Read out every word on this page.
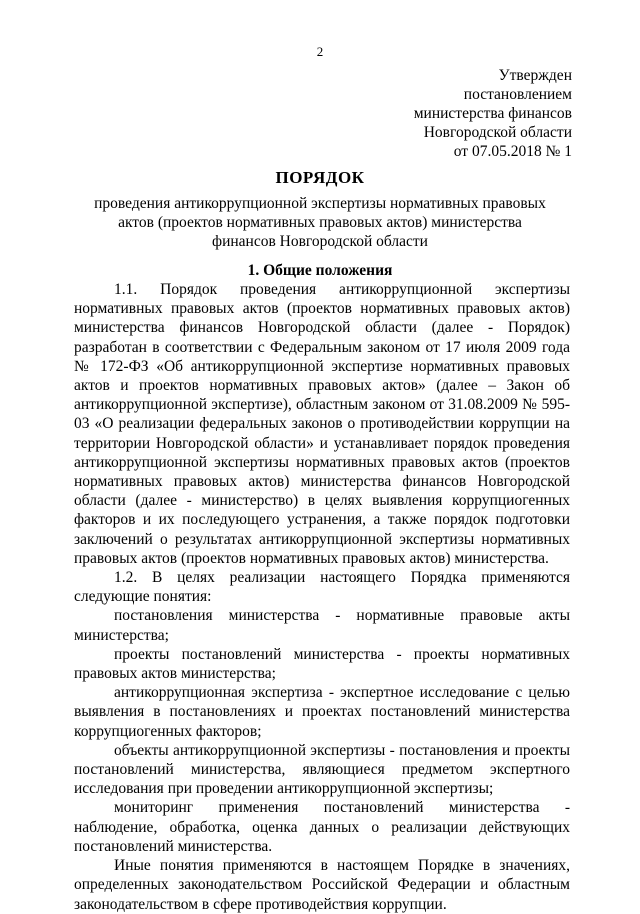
2
Утвержден
постановлением
министерства финансов
Новгородской области
от 07.05.2018 № 1
ПОРЯДОК
проведения антикоррупционной экспертизы нормативных правовых актов (проектов нормативных правовых актов) министерства финансов Новгородской области
1. Общие положения

1.1. Порядок проведения антикоррупционной экспертизы нормативных правовых актов (проектов нормативных правовых актов) министерства финансов Новгородской области (далее - Порядок) разработан в соответствии с Федеральным законом от 17 июля 2009 года № 172-ФЗ «Об антикоррупционной экспертизе нормативных правовых актов и проектов нормативных правовых актов» (далее – Закон об антикоррупционной экспертизе), областным законом от 31.08.2009 № 595-03 «О реализации федеральных законов о противодействии коррупции на территории Новгородской области» и устанавливает порядок проведения антикоррупционной экспертизы нормативных правовых актов (проектов нормативных правовых актов) министерства финансов Новгородской области (далее - министерство) в целях выявления коррупциогенных факторов и их последующего устранения, а также порядок подготовки заключений о результатах антикоррупционной экспертизы нормативных правовых актов (проектов нормативных правовых актов) министерства.

1.2. В целях реализации настоящего Порядка применяются следующие понятия:

постановления министерства - нормативные правовые акты министерства;

проекты постановлений министерства - проекты нормативных правовых актов министерства;

антикоррупционная экспертиза - экспертное исследование с целью выявления в постановлениях и проектах постановлений министерства коррупциогенных факторов;

объекты антикоррупционной экспертизы - постановления и проекты постановлений министерства, являющиеся предметом экспертного исследования при проведении антикоррупционной экспертизы;

мониторинг применения постановлений министерства - наблюдение, обработка, оценка данных о реализации действующих постановлений министерства.

Иные понятия применяются в настоящем Порядке в значениях, определенных законодательством Российской Федерации и областным законодательством в сфере противодействия коррупции.
